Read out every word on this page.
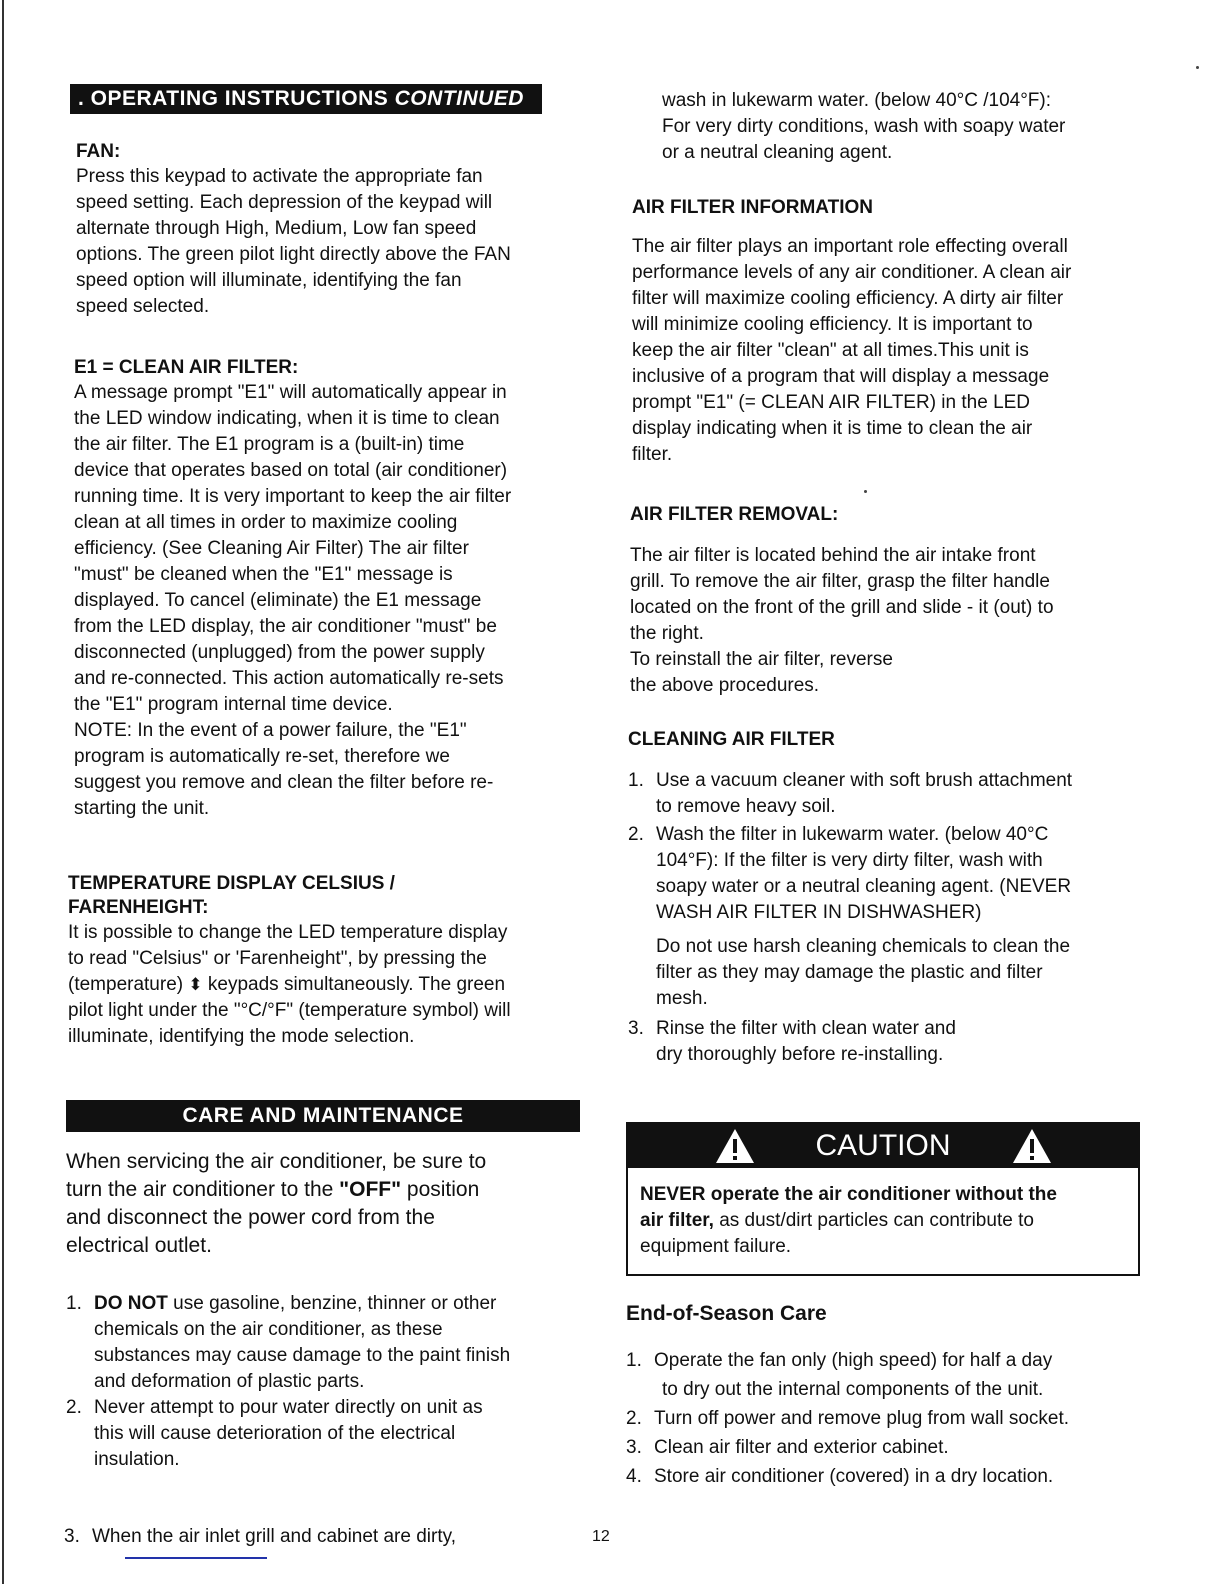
. OPERATING INSTRUCTIONS CONTINUED
FAN:

Press this keypad to activate the appropriate fan

speed setting. Each depression of the keypad will

alternate through High, Medium, Low fan speed

options. The green pilot light directly above the FAN

speed option will illuminate, identifying the fan

speed selected.

E1 = CLEAN AIR FILTER:

A message prompt "E1" will automatically appear in

the LED window indicating, when it is time to clean

the air filter. The E1 program is a (built-in) time

device that operates based on total (air conditioner)

running time. It is very important to keep the air filter

clean at all times in order to maximize cooling

efficiency. (See Cleaning Air Filter) The air filter

"must" be cleaned when the "E1" message is

displayed. To cancel (eliminate) the E1 message

from the LED display, the air conditioner "must" be

disconnected (unplugged) from the power supply

and re-connected. This action automatically re-sets

the "E1" program internal time device.

NOTE: In the event of a power failure, the "E1"

program is automatically re-set, therefore we

suggest you remove and clean the filter before re-

starting the unit.

TEMPERATURE DISPLAY CELSIUS /
FARENHEIGHT:

It is possible to change the LED temperature display

to read "Celsius" or 'Farenheight", by pressing the

(temperature) ⬍ keypads simultaneously. The green

pilot light under the "°C/°F" (temperature symbol) will

illuminate, identifying the mode selection.

CARE AND MAINTENANCE

When servicing the air conditioner, be sure to

turn the air conditioner to the "OFF" position

and disconnect the power cord from the

electrical outlet.

1. DO NOT use gasoline, benzine, thinner or other
chemicals on the air conditioner, as these
substances may cause damage to the paint finish
and deformation of plastic parts.
2. Never attempt to pour water directly on unit as
this will cause deterioration of the electrical
insulation.
3. When the air inlet grill and cabinet are dirty,

wash in lukewarm water. (below 40°C /104°F):

For very dirty conditions, wash with soapy water

or a neutral cleaning agent.

AIR FILTER INFORMATION

The air filter plays an important role effecting overall

performance levels of any air conditioner. A clean air

filter will maximize cooling efficiency. A dirty air filter

will minimize cooling efficiency. It is important to

keep the air filter "clean" at all times.This unit is

inclusive of a program that will display a message

prompt "E1" (= CLEAN AIR FILTER) in the LED

display indicating when it is time to clean the air

filter.

AIR FILTER REMOVAL:

The air filter is located behind the air intake front

grill. To remove the air filter, grasp the filter handle

located on the front of the grill and slide - it (out) to

the right.

To reinstall the air filter, reverse

the above procedures.

CLEANING AIR FILTER
1. Use a vacuum cleaner with soft brush attachment
to remove heavy soil.
2. Wash the filter in lukewarm water. (below 40°C
104°F): If the filter is very dirty filter, wash with
soapy water or a neutral cleaning agent. (NEVER
WASH AIR FILTER IN DISHWASHER)
Do not use harsh cleaning chemicals to clean the
filter as they may damage the plastic and filter
mesh.
3. Rinse the filter with clean water and
dry thoroughly before re-installing.
CAUTION
NEVER operate the air conditioner without the
air filter, as dust/dirt particles can contribute to
equipment failure.
End-of-Season Care
1. Operate the fan only (high speed) for half a day
to dry out the internal components of the unit.
2. Turn off power and remove plug from wall socket.
3. Clean air filter and exterior cabinet.
4. Store air conditioner (covered) in a dry location.
12
